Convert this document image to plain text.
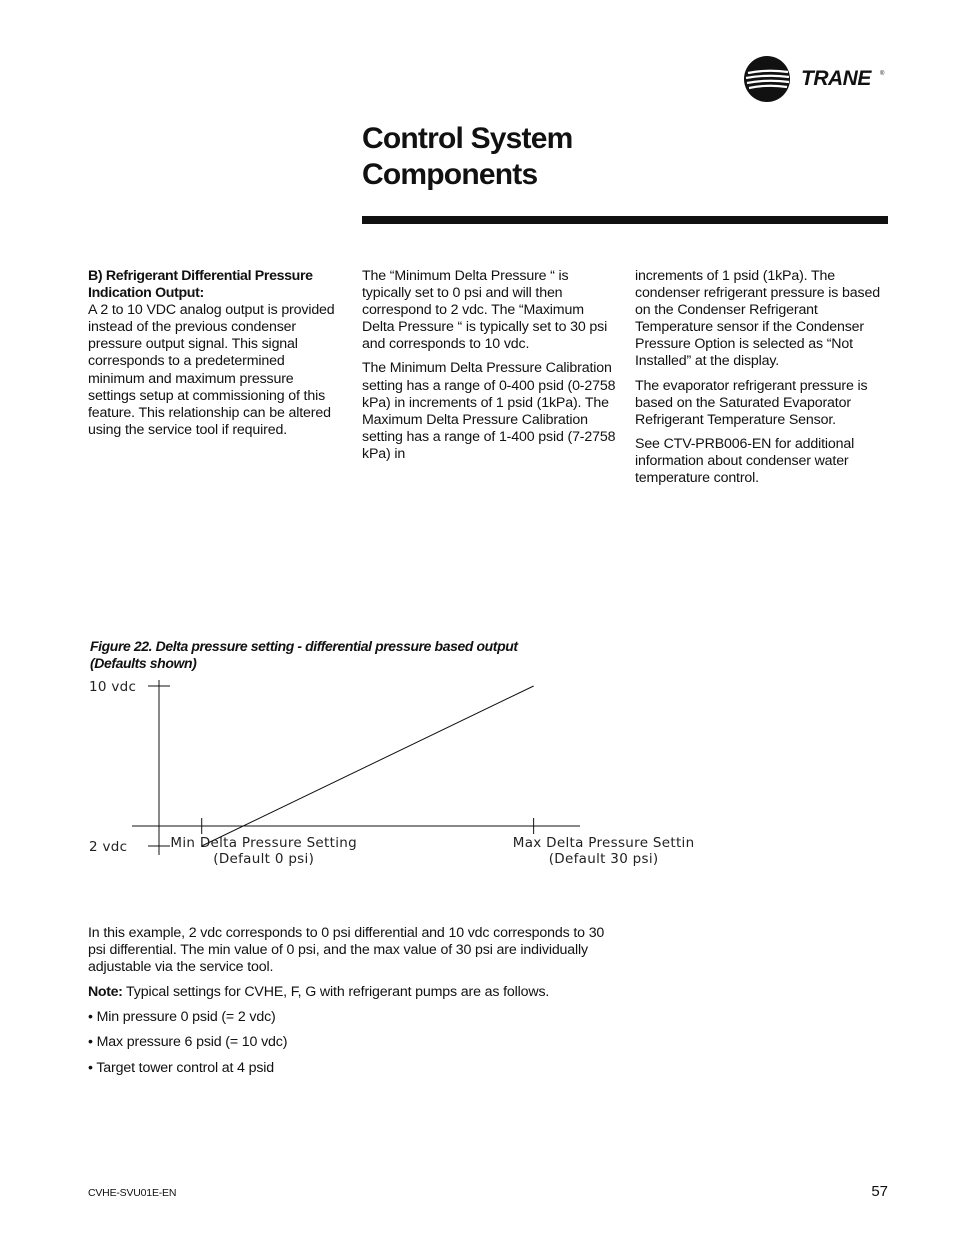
TRANE ®
Control System
Components

B) Refrigerant Differential Pressure Indication Output:
A 2 to 10 VDC analog output is provided instead of the previous condenser pressure output signal. This signal corresponds to a predetermined minimum and maximum pressure settings setup at commissioning of this feature. This relationship can be altered using the service tool if required.

The “Minimum Delta Pressure “ is typically set to 0 psi and will then correspond to 2 vdc. The “Maximum Delta Pressure “ is typically set to 30 psi and corresponds to 10 vdc.

The Minimum Delta Pressure Calibration setting has a range of 0-400 psid (0-2758 kPa) in increments of 1 psid (1kPa). The Maximum Delta Pressure Calibration setting has a range of 1-400 psid (7-2758 kPa) in

increments of 1 psid (1kPa). The condenser refrigerant pressure is based on the Condenser Refrigerant Temperature sensor if the Condenser Pressure Option is selected as “Not Installed” at the display.

The evaporator refrigerant pressure is based on the Saturated Evaporator Refrigerant Temperature Sensor.

See CTV-PRB006-EN for additional information about condenser water temperature control.

Figure 22. Delta pressure setting - differential pressure based output
(Defaults shown)

10 vdc
2 vdc	Min Delta Pressure Setting
(Default 0 psi)
Max Delta Pressure Settin
(Default 30 psi)

In this example, 2 vdc corresponds to 0 psi differential and 10 vdc corresponds to 30 psi differential. The min value of 0 psi, and the max value of 30 psi are individually adjustable via the service tool.

Note: Typical settings for CVHE, F, G with refrigerant pumps are as follows.

• Min pressure 0 psid (= 2 vdc)

• Max pressure 6 psid (= 10 vdc)

• Target tower control at 4 psid

CVHE-SVU01E-EN	57
